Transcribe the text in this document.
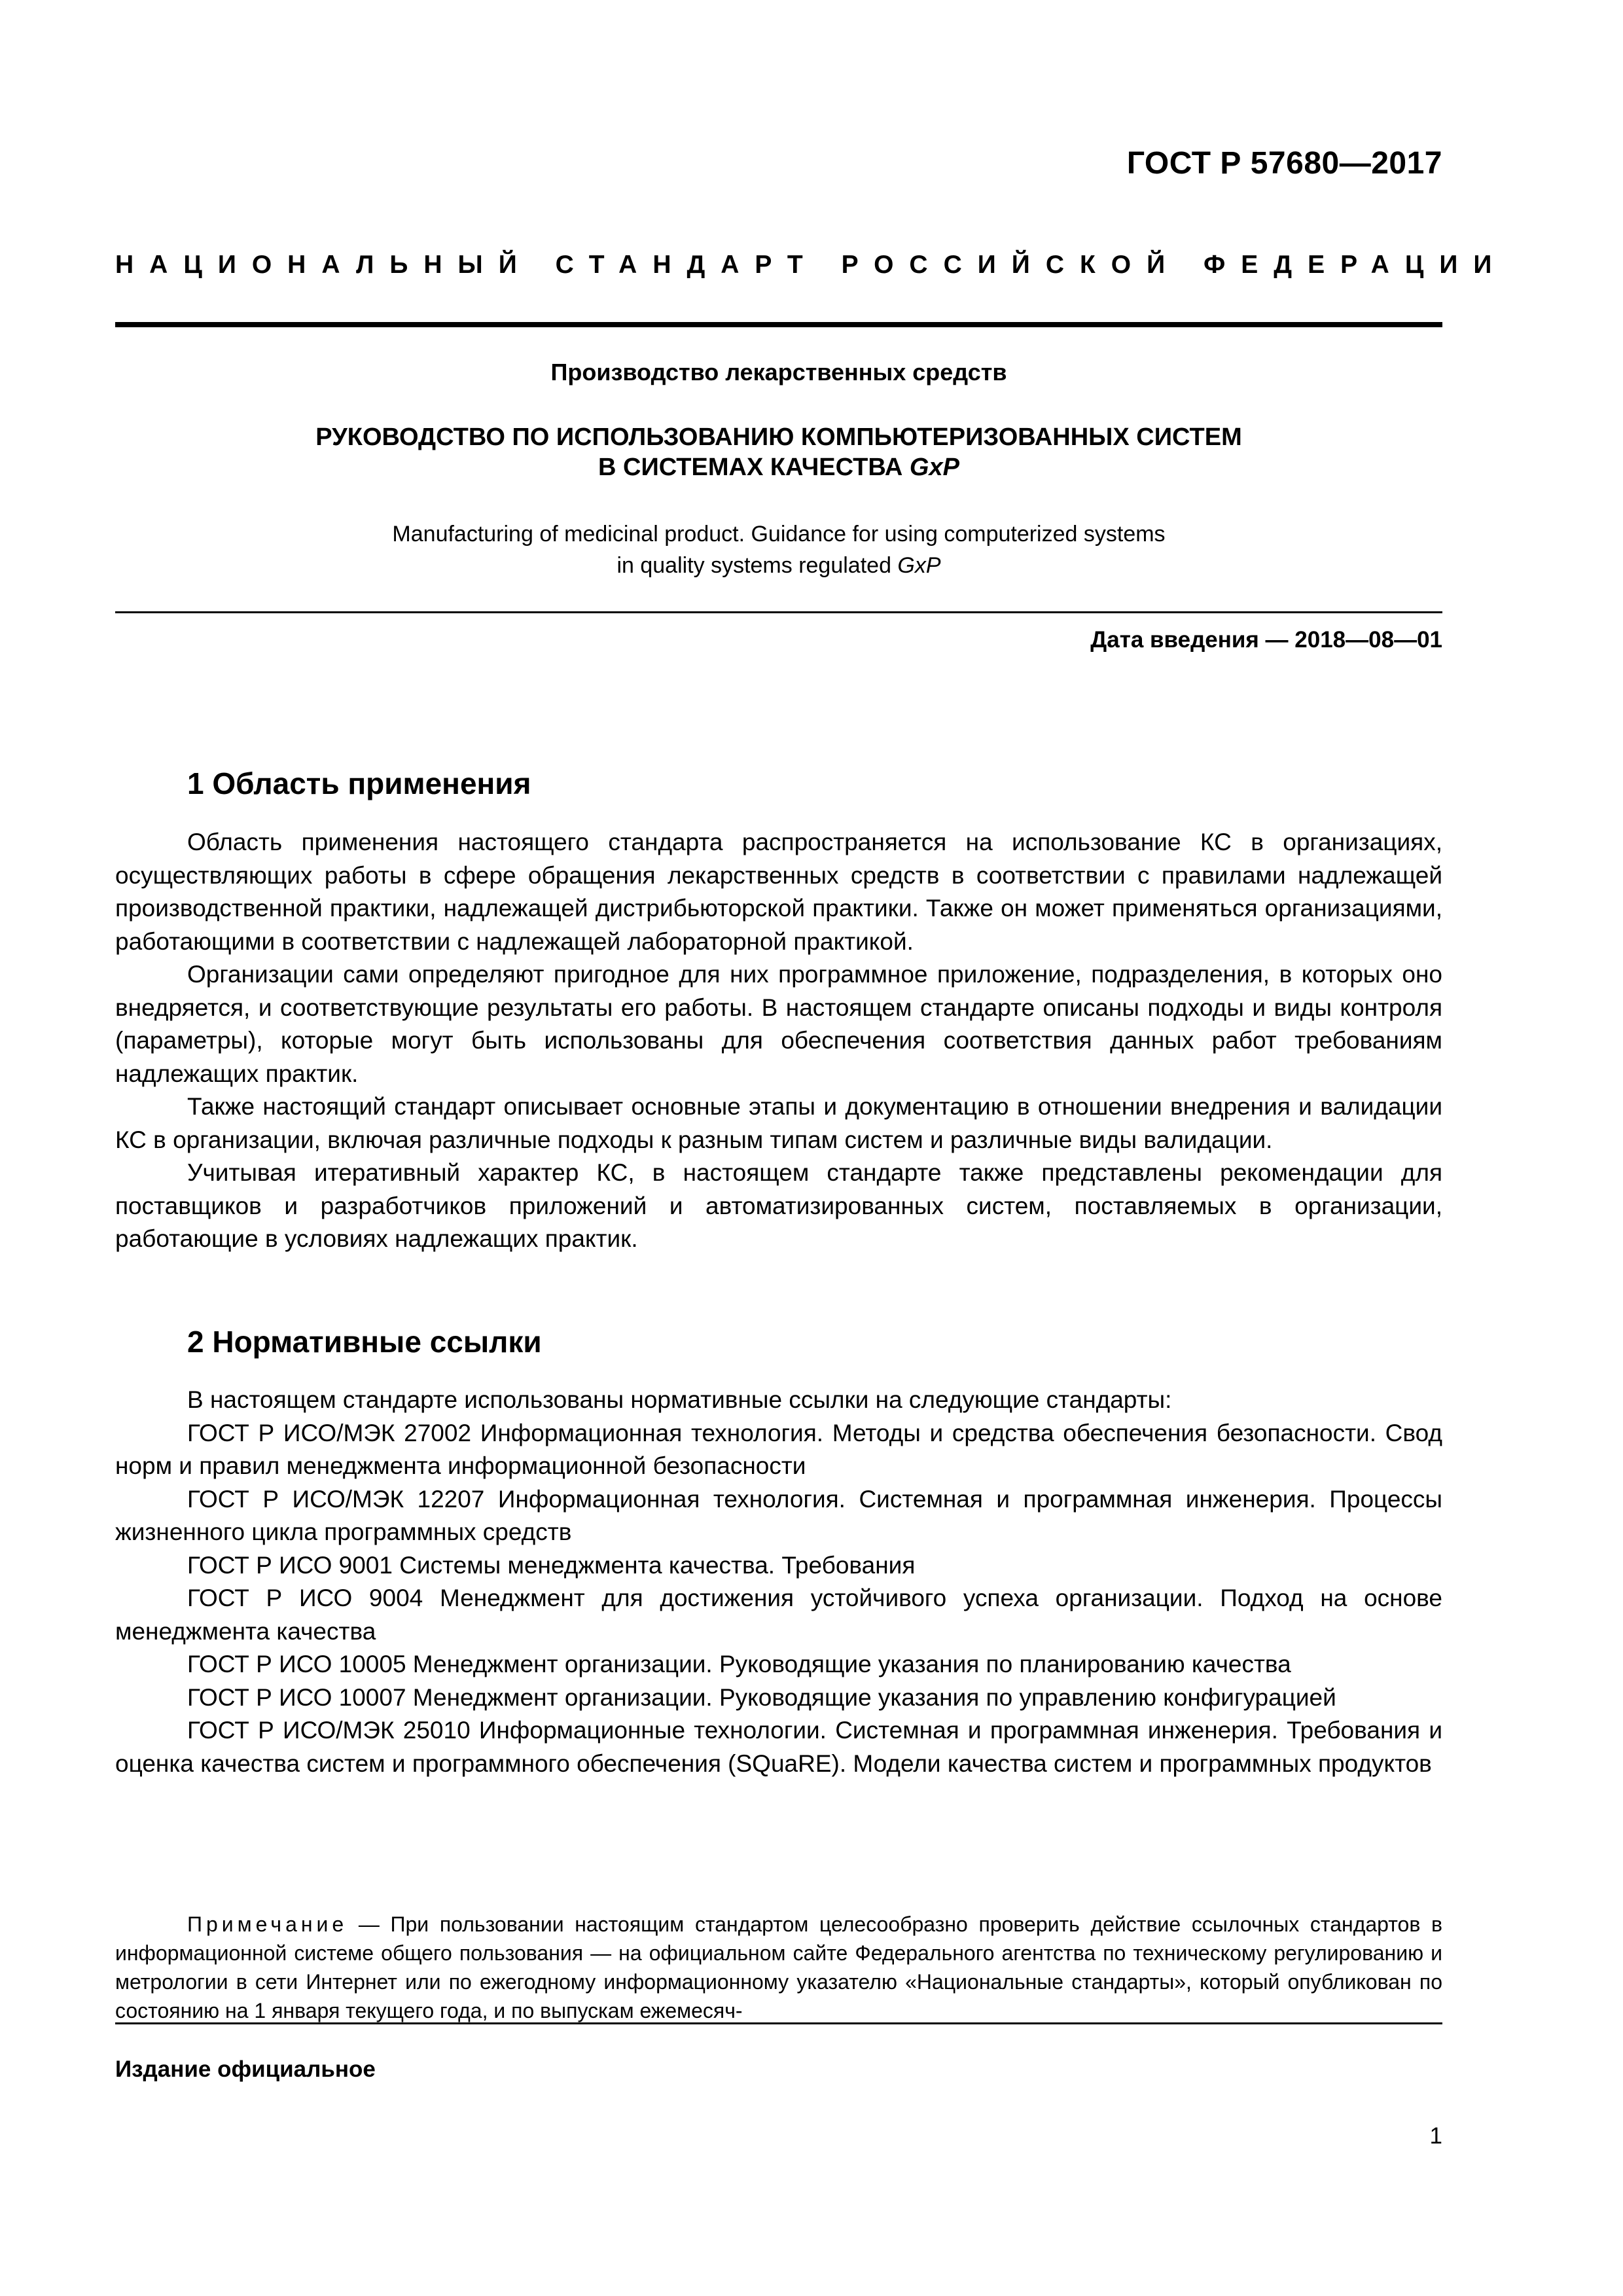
ГОСТ Р 57680—2017
НАЦИОНАЛЬНЫЙ СТАНДАРТ РОССИЙСКОЙ ФЕДЕРАЦИИ
Производство лекарственных средств
РУКОВОДСТВО ПО ИСПОЛЬЗОВАНИЮ КОМПЬЮТЕРИЗОВАННЫХ СИСТЕМ
В СИСТЕМАХ КАЧЕСТВА GxP
Manufacturing of medicinal product. Guidance for using computerized systems
in quality systems regulated GxP
Дата введения — 2018—08—01
1 Область применения

Область применения настоящего стандарта распространяется на использование КС в организациях, осуществляющих работы в сфере обращения лекарственных средств в соответствии с правилами надлежащей производственной практики, надлежащей дистрибьюторской практики. Также он может применяться организациями, работающими в соответствии с надлежащей лабораторной практикой.

Организации сами определяют пригодное для них программное приложение, подразделения, в которых оно внедряется, и соответствующие результаты его работы. В настоящем стандарте описаны подходы и виды контроля (параметры), которые могут быть использованы для обеспечения соответствия данных работ требованиям надлежащих практик.

Также настоящий стандарт описывает основные этапы и документацию в отношении внедрения и валидации КС в организации, включая различные подходы к разным типам систем и различные виды валидации.

Учитывая итеративный характер КС, в настоящем стандарте также представлены рекомендации для поставщиков и разработчиков приложений и автоматизированных систем, поставляемых в организации, работающие в условиях надлежащих практик.

2 Нормативные ссылки

В настоящем стандарте использованы нормативные ссылки на следующие стандарты:

ГОСТ Р ИСО/МЭК 27002 Информационная технология. Методы и средства обеспечения безопасности. Свод норм и правил менеджмента информационной безопасности

ГОСТ Р ИСО/МЭК 12207 Информационная технология. Системная и программная инженерия. Процессы жизненного цикла программных средств

ГОСТ Р ИСО 9001 Системы менеджмента качества. Требования

ГОСТ Р ИСО 9004 Менеджмент для достижения устойчивого успеха организации. Подход на основе менеджмента качества

ГОСТ Р ИСО 10005 Менеджмент организации. Руководящие указания по планированию качества

ГОСТ Р ИСО 10007 Менеджмент организации. Руководящие указания по управлению конфигурацией

ГОСТ Р ИСО/МЭК 25010 Информационные технологии. Системная и программная инженерия. Требования и оценка качества систем и программного обеспечения (SQuaRE). Модели качества систем и программных продуктов

Примечание — При пользовании настоящим стандартом целесообразно проверить действие ссылочных стандартов в информационной системе общего пользования — на официальном сайте Федерального агентства по техническому регулированию и метрологии в сети Интернет или по ежегодному информационному указателю «Национальные стандарты», который опубликован по состоянию на 1 января текущего года, и по выпускам ежемесяч-

Издание официальное
1
